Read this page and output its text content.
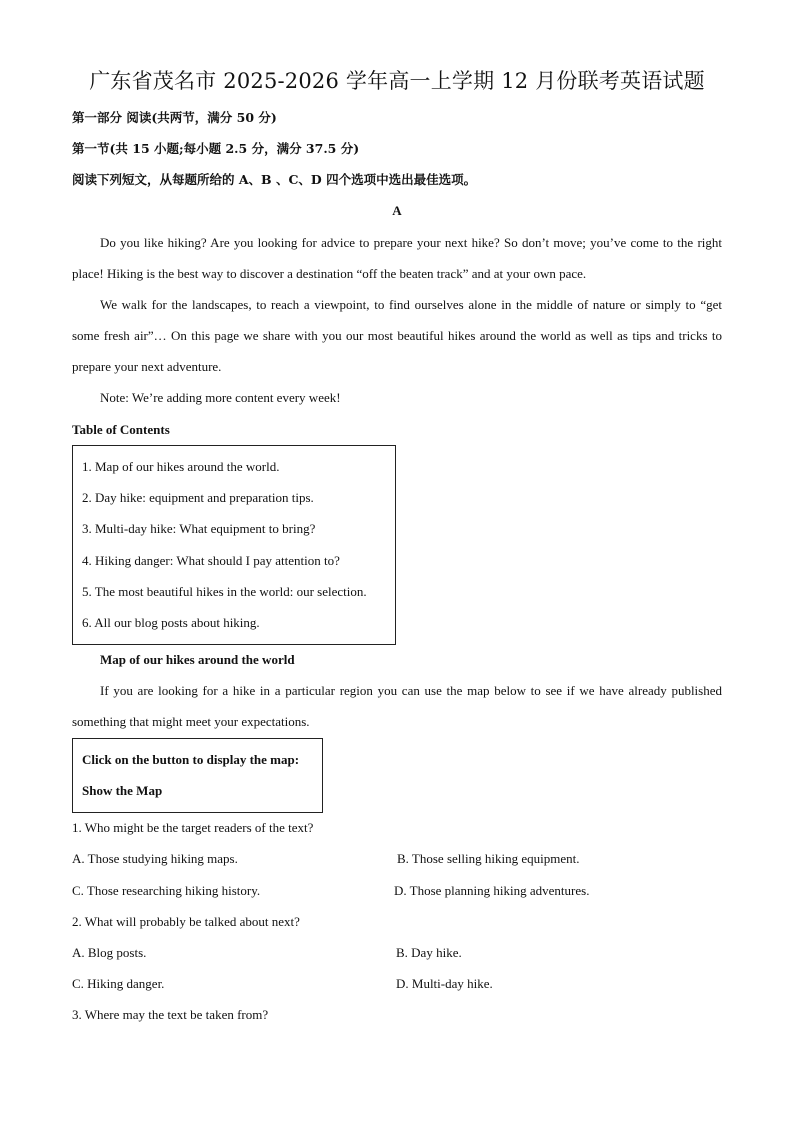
广东省茂名市 2025-2026 学年高一上学期 12 月份联考英语试题
第一部分 阅读(共两节，满分 50 分)
第一节(共 15 小题;每小题 2.5 分，满分 37.5 分)
阅读下列短文，从每题所给的 A、B 、C、D 四个选项中选出最佳选项。
A
Do you like hiking? Are you looking for advice to prepare your next hike? So don’t move; you’ve come to the right place! Hiking is the best way to discover a destination “off the beaten track” and at your own pace.
We walk for the landscapes, to reach a viewpoint, to find ourselves alone in the middle of nature or simply to “get some fresh air”… On this page we share with you our most beautiful hikes around the world as well as tips and tricks to prepare your next adventure.
Note: We’re adding more content every week!
Table of Contents
1. Map of our hikes around the world.
2. Day hike: equipment and preparation tips.
3. Multi-day hike: What equipment to bring?
4. Hiking danger: What should I pay attention to?
5. The most beautiful hikes in the world: our selection.
6. All our blog posts about hiking.
Map of our hikes around the world
If you are looking for a hike in a particular region you can use the map below to see if we have already published something that might meet your expectations.
Click on the button to display the map:
Show the Map
1. Who might be the target readers of the text?
A. Those studying hiking maps.	B. Those selling hiking equipment.
C. Those researching hiking history.	D. Those planning hiking adventures.
2. What will probably be talked about next?
A. Blog posts.	B. Day hike.
C. Hiking danger.	D. Multi-day hike.
3. Where may the text be taken from?
